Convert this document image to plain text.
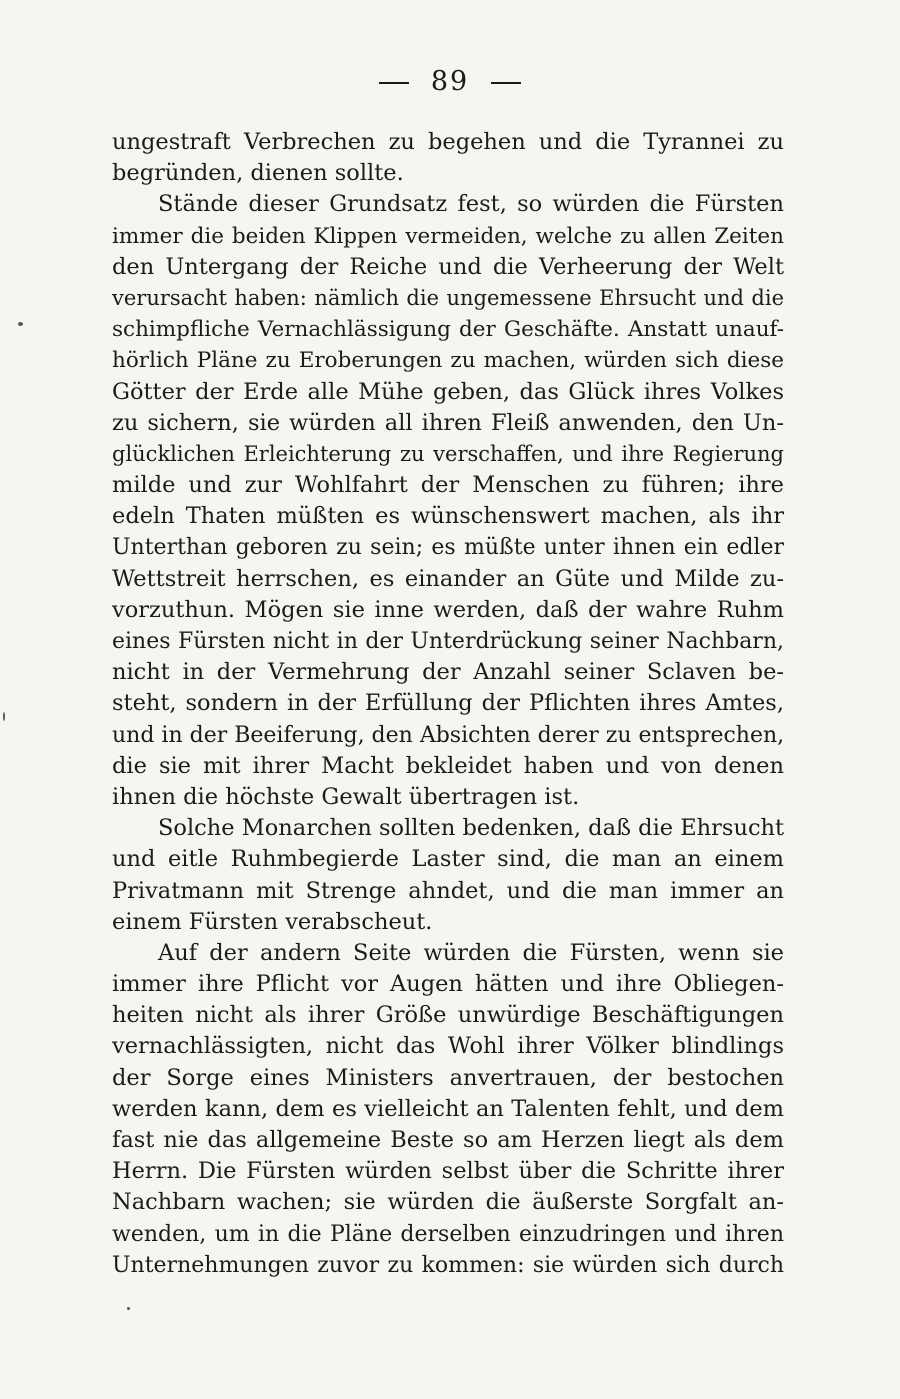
89
ungestraft Verbrechen zu begehen und die Tyrannei zu
begründen, dienen sollte.
Stände dieser Grundsatz fest, so würden die Fürsten
immer die beiden Klippen vermeiden, welche zu allen Zeiten
den Untergang der Reiche und die Verheerung der Welt
verursacht haben: nämlich die ungemessene Ehrsucht und die
schimpfliche Vernachlässigung der Geschäfte. Anstatt unauf-
hörlich Pläne zu Eroberungen zu machen, würden sich diese
Götter der Erde alle Mühe geben, das Glück ihres Volkes
zu sichern, sie würden all ihren Fleiß anwenden, den Un-
glücklichen Erleichterung zu verschaffen, und ihre Regierung
milde und zur Wohlfahrt der Menschen zu führen; ihre
edeln Thaten müßten es wünschenswert machen, als ihr
Unterthan geboren zu sein; es müßte unter ihnen ein edler
Wettstreit herrschen, es einander an Güte und Milde zu-
vorzuthun. Mögen sie inne werden, daß der wahre Ruhm
eines Fürsten nicht in der Unterdrückung seiner Nachbarn,
nicht in der Vermehrung der Anzahl seiner Sclaven be-
steht, sondern in der Erfüllung der Pflichten ihres Amtes,
und in der Beeiferung, den Absichten derer zu entsprechen,
die sie mit ihrer Macht bekleidet haben und von denen
ihnen die höchste Gewalt übertragen ist.
Solche Monarchen sollten bedenken, daß die Ehrsucht
und eitle Ruhmbegierde Laster sind, die man an einem
Privatmann mit Strenge ahndet, und die man immer an
einem Fürsten verabscheut.
Auf der andern Seite würden die Fürsten, wenn sie
immer ihre Pflicht vor Augen hätten und ihre Obliegen-
heiten nicht als ihrer Größe unwürdige Beschäftigungen
vernachlässigten, nicht das Wohl ihrer Völker blindlings
der Sorge eines Ministers anvertrauen, der bestochen
werden kann, dem es vielleicht an Talenten fehlt, und dem
fast nie das allgemeine Beste so am Herzen liegt als dem
Herrn. Die Fürsten würden selbst über die Schritte ihrer
Nachbarn wachen; sie würden die äußerste Sorgfalt an-
wenden, um in die Pläne derselben einzudringen und ihren
Unternehmungen zuvor zu kommen: sie würden sich durch
